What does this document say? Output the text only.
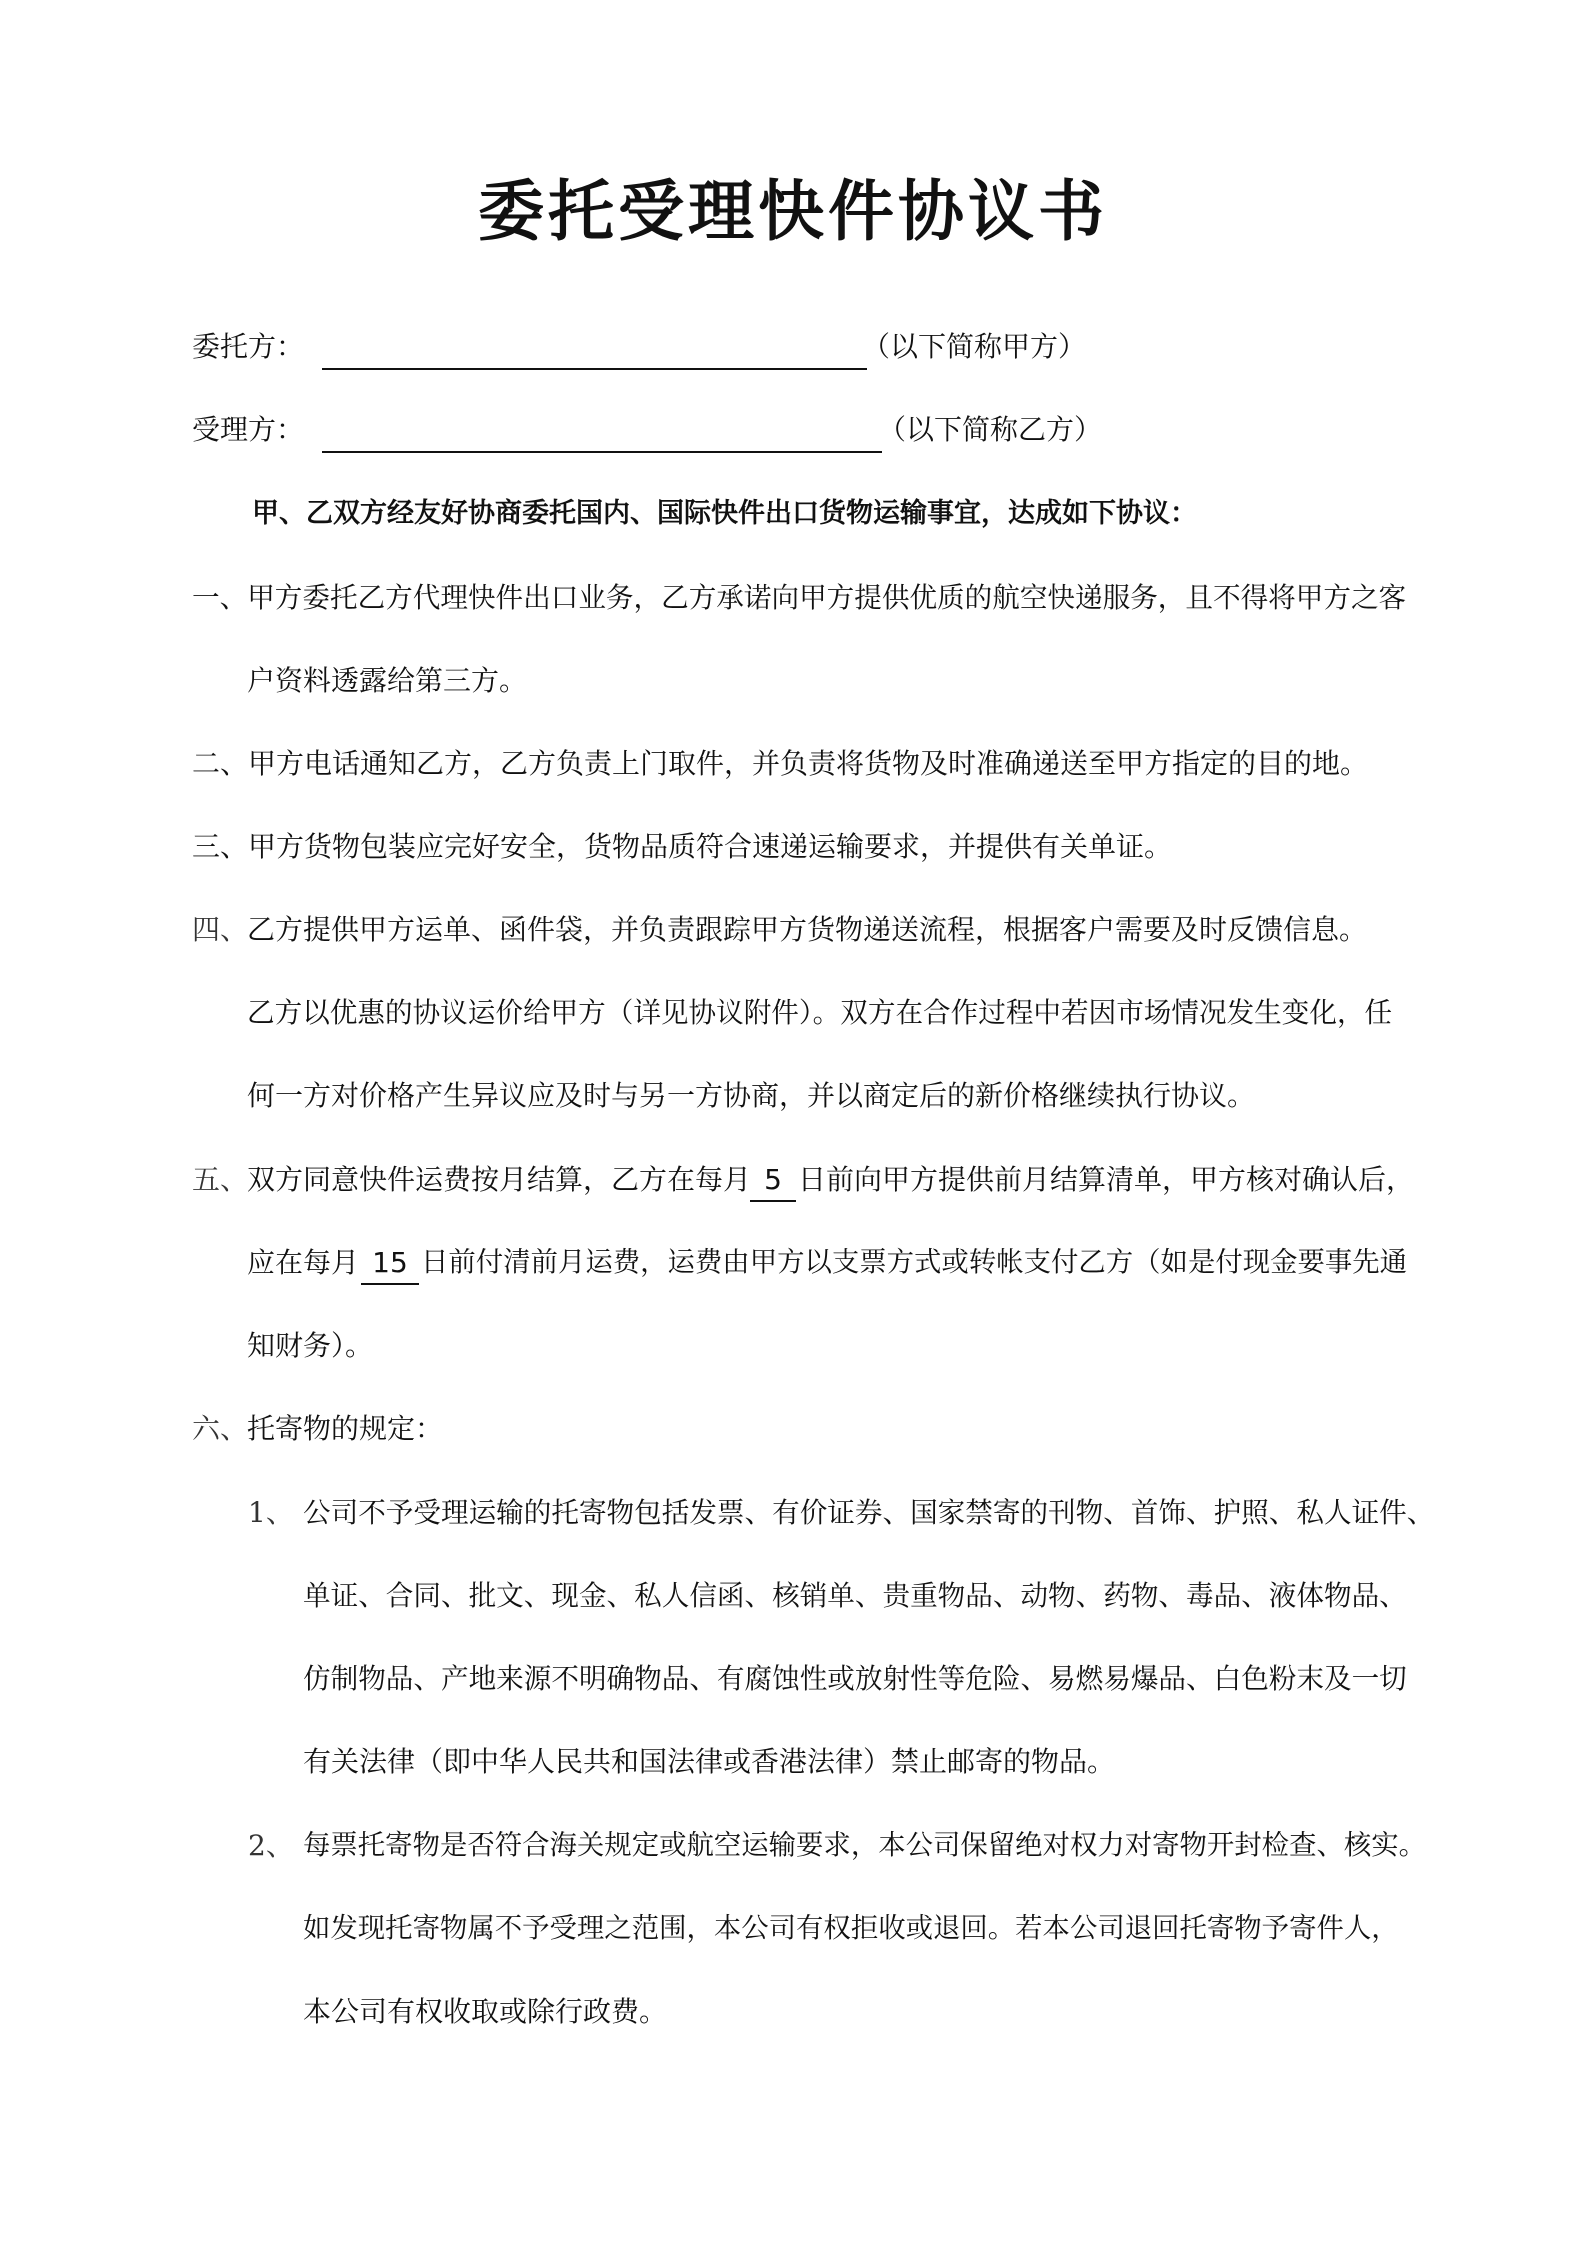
委托受理快件协议书
委托方：	（以下简称甲方）
受理方：	（以下简称乙方）
甲、乙双方经友好协商委托国内、国际快件出口货物运输事宜，达成如下协议：
一、甲方委托乙方代理快件出口业务，乙方承诺向甲方提供优质的航空快递服务，且不得将甲方之客
户资料透露给第三方。
二、甲方电话通知乙方，乙方负责上门取件，并负责将货物及时准确递送至甲方指定的目的地。
三、甲方货物包装应完好安全，货物品质符合速递运输要求，并提供有关单证。
四、
乙方提供甲方运单、函件袋，并负责跟踪甲方货物递送流程，根据客户需要及时反馈信息。
乙方以优惠的协议运价给甲方（详见协议附件）。双方在合作过程中若因市场情况发生变化，任
何一方对价格产生异议应及时与另一方协商，并以商定后的新价格继续执行协议。
五、
双方同意快件运费按月结算，乙方在每月 5 日前向甲方提供前月结算清单，甲方核对确认后，
应在每月 15 日前付清前月运费，运费由甲方以支票方式或转帐支付乙方（如是付现金要事先通
知财务）。
六、
托寄物的规定：
1、 公司不予受理运输的托寄物包括发票、有价证券、国家禁寄的刊物、首饰、护照、私人证件、
单证、合同、批文、现金、私人信函、核销单、贵重物品、动物、药物、毒品、液体物品、
仿制物品、产地来源不明确物品、有腐蚀性或放射性等危险、易燃易爆品、白色粉末及一切
有关法律（即中华人民共和国法律或香港法律）禁止邮寄的物品。
2、 每票托寄物是否符合海关规定或航空运输要求，本公司保留绝对权力对寄物开封检查、核实。
如发现托寄物属不予受理之范围，本公司有权拒收或退回。若本公司退回托寄物予寄件人，
本公司有权收取或除行政费。
